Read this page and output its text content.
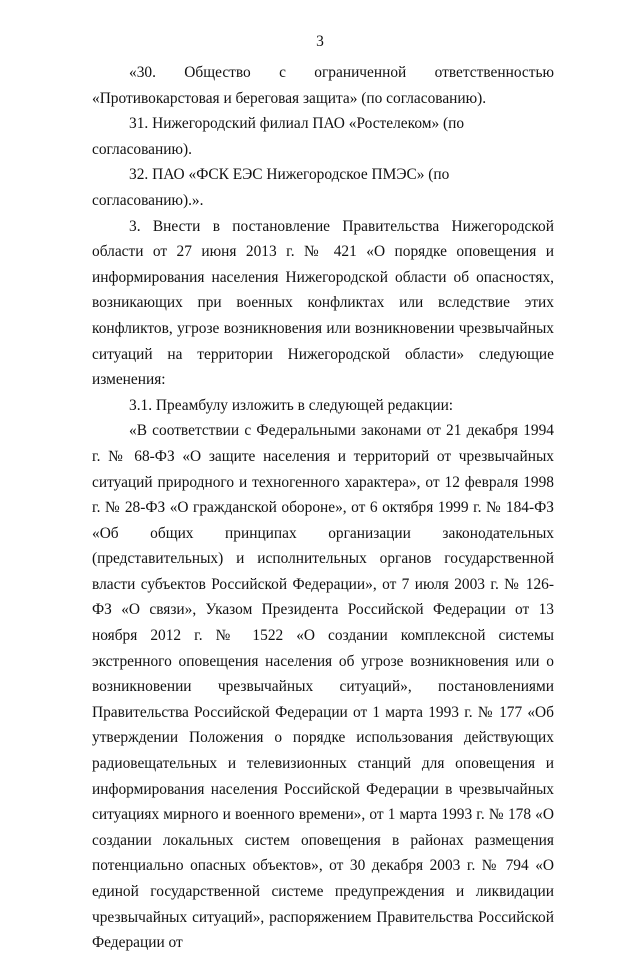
3

«30. Общество с ограниченной ответственностью «Противокарстовая и береговая защита» (по согласованию).

31. Нижегородский филиал ПАО «Ростелеком» (по согласованию).

32. ПАО «ФСК ЕЭС Нижегородское ПМЭС» (по согласованию).».

3. Внести в постановление Правительства Нижегородской области от 27 июня 2013 г. № 421 «О порядке оповещения и информирования населения Нижегородской области об опасностях, возникающих при военных конфликтах или вследствие этих конфликтов, угрозе возникновения или возникновении чрезвычайных ситуаций на территории Нижегородской области» следующие изменения:

3.1. Преамбулу изложить в следующей редакции:

«В соответствии с Федеральными законами от 21 декабря 1994 г. № 68-ФЗ «О защите населения и территорий от чрезвычайных ситуаций природного и техногенного характера», от 12 февраля 1998 г. № 28-ФЗ «О гражданской обороне», от 6 октября 1999 г. № 184-ФЗ «Об общих принципах организации законодательных (представительных) и исполнительных органов государственной власти субъектов Российской Федерации», от 7 июля 2003 г. № 126-ФЗ «О связи», Указом Президента Российской Федерации от 13 ноября 2012 г. № 1522 «О создании комплексной системы экстренного оповещения населения об угрозе возникновения или о возникновении чрезвычайных ситуаций», постановлениями Правительства Российской Федерации от 1 марта 1993 г. № 177 «Об утверждении Положения о порядке использования действующих радиовещательных и телевизионных станций для оповещения и информирования населения Российской Федерации в чрезвычайных ситуациях мирного и военного времени», от 1 марта 1993 г. № 178 «О создании локальных систем оповещения в районах размещения потенциально опасных объектов», от 30 декабря 2003 г. № 794 «О единой государственной системе предупреждения и ликвидации чрезвычайных ситуаций», распоряжением Правительства Российской Федерации от
